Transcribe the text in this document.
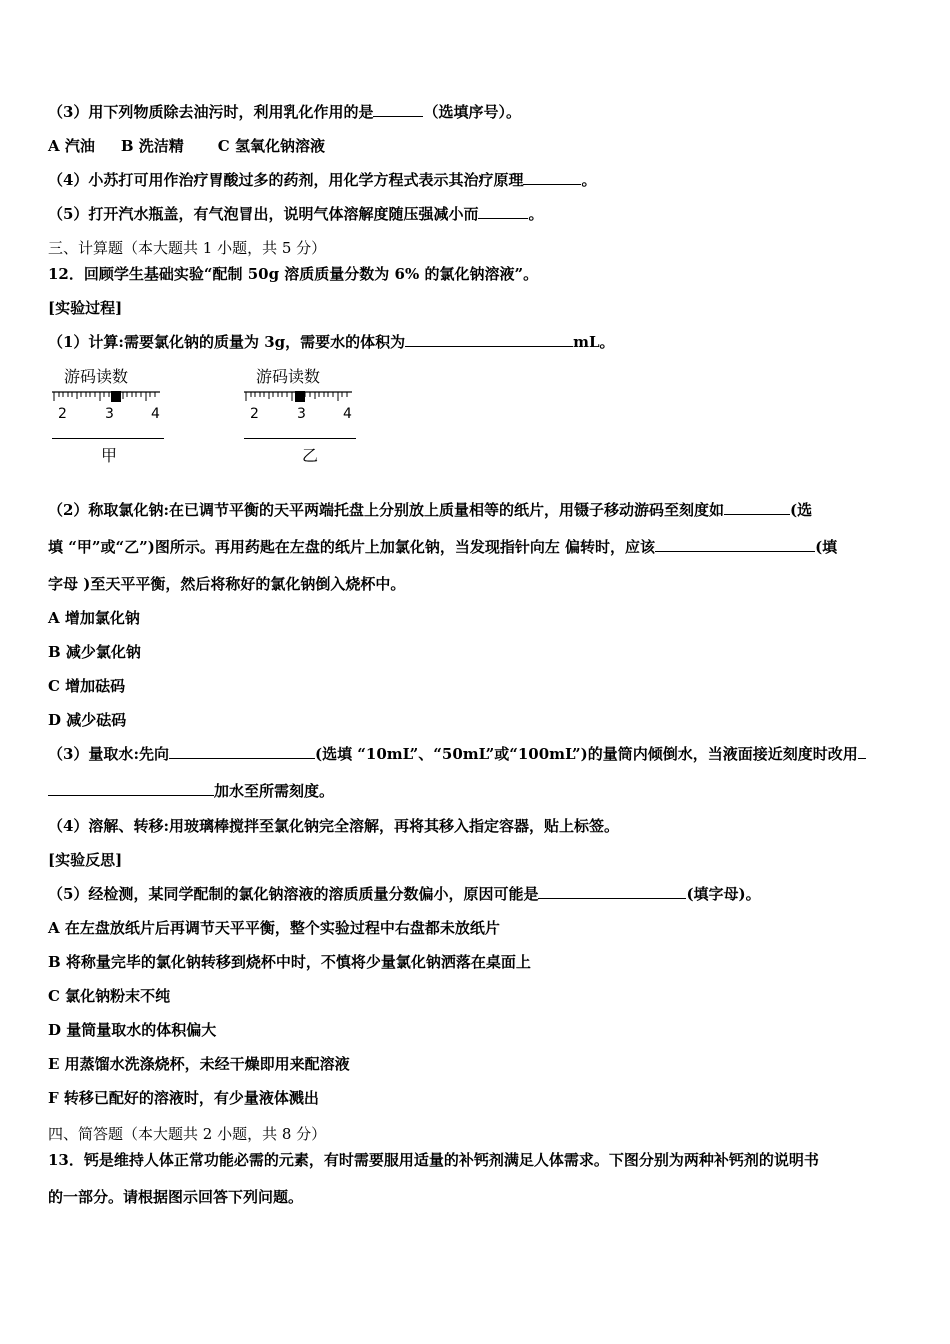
（3）用下列物质除去油污时，利用乳化作用的是	（选填序号）。
A 汽油 B 洗洁精 C 氢氧化钠溶液
（4）小苏打可用作治疗胃酸过多的药剂，用化学方程式表示其治疗原理	。
（5）打开汽水瓶盖，有气泡冒出，说明气体溶解度随压强减小而	。
三、计算题（本大题共 1 小题，共 5 分）
12．回顾学生基础实验“配制 50g 溶质质量分数为 6% 的氯化钠溶液”。
[实验过程]
（1）计算:需要氯化钠的质量为 3g，需要水的体积为	mL。
游码读数
2	3	4
甲
游码读数
2	3	4
乙
（2）称取氯化钠:在已调节平衡的天平两端托盘上分别放上质量相等的纸片，用镊子移动游码至刻度如	(选
填 “甲”或“乙”)图所示。再用药匙在左盘的纸片上加氯化钠，当发现指针向左 偏转时，应该	(填
字母 )至天平平衡，然后将称好的氯化钠倒入烧杯中。
A 增加氯化钠
B 减少氯化钠
C 增加砝码
D 减少砝码
（3）量取水:先向	(选填 “10mL”、“50mL”或“100mL”)的量筒内倾倒水，当液面接近刻度时改用
加水至所需刻度。
（4）溶解、转移:用玻璃棒搅拌至氯化钠完全溶解，再将其移入指定容器，贴上标签。
[实验反思]
（5）经检测，某同学配制的氯化钠溶液的溶质质量分数偏小，原因可能是	(填字母)。
A 在左盘放纸片后再调节天平平衡，整个实验过程中右盘都未放纸片
B 将称量完毕的氯化钠转移到烧杯中时，不慎将少量氯化钠洒落在桌面上
C 氯化钠粉末不纯
D 量筒量取水的体积偏大
E 用蒸馏水洗涤烧杯，未经干燥即用来配溶液
F 转移已配好的溶液时，有少量液体溅出
四、简答题（本大题共 2 小题，共 8 分）
13．钙是维持人体正常功能必需的元素，有时需要服用适量的补钙剂满足人体需求。下图分别为两种补钙剂的说明书
的一部分。请根据图示回答下列问题。
